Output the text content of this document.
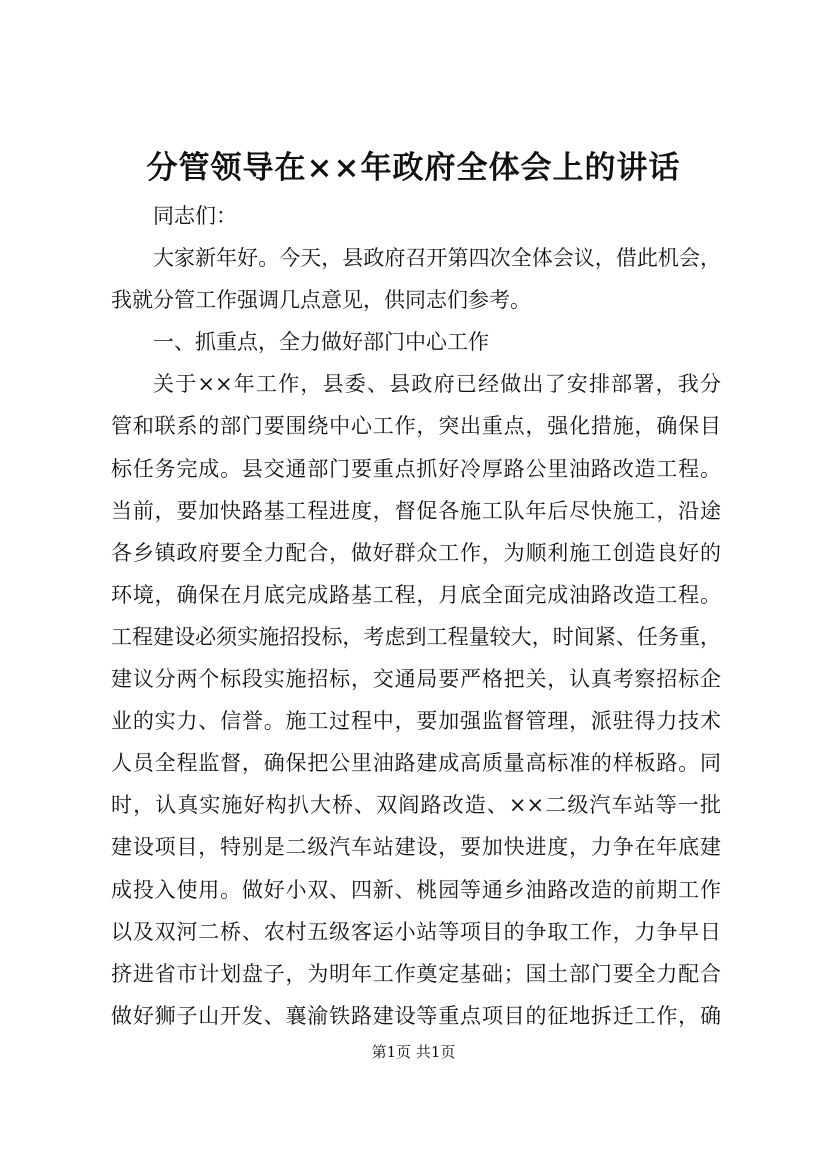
分管领导在××年政府全体会上的讲话
同志们：
大家新年好。今天，县政府召开第四次全体会议，借此机会，
我就分管工作强调几点意见，供同志们参考。
一、抓重点，全力做好部门中心工作
关于××年工作，县委、县政府已经做出了安排部署，我分
管和联系的部门要围绕中心工作，突出重点，强化措施，确保目
标任务完成。县交通部门要重点抓好冷厚路公里油路改造工程。
当前，要加快路基工程进度，督促各施工队年后尽快施工，沿途
各乡镇政府要全力配合，做好群众工作，为顺利施工创造良好的
环境，确保在月底完成路基工程，月底全面完成油路改造工程。
工程建设必须实施招投标，考虑到工程量较大，时间紧、任务重，
建议分两个标段实施招标，交通局要严格把关，认真考察招标企
业的实力、信誉。施工过程中，要加强监督管理，派驻得力技术
人员全程监督，确保把公里油路建成高质量高标准的样板路。同
时，认真实施好构扒大桥、双阎路改造、××二级汽车站等一批
建设项目，特别是二级汽车站建设，要加快进度，力争在年底建
成投入使用。做好小双、四新、桃园等通乡油路改造的前期工作
以及双河二桥、农村五级客运小站等项目的争取工作，力争早日
挤进省市计划盘子，为明年工作奠定基础；国土部门要全力配合
做好狮子山开发、襄渝铁路建设等重点项目的征地拆迁工作，确
第1页 共1页
